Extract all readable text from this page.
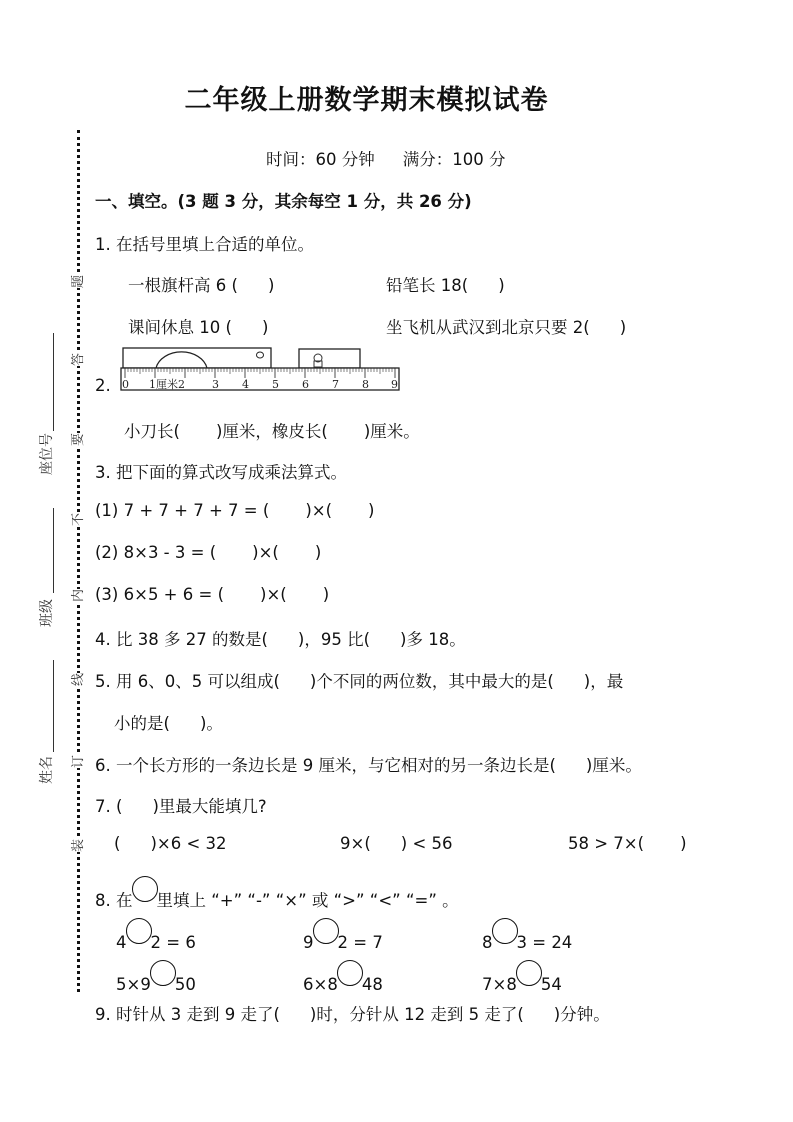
二年级上册数学期末模拟试卷
时间：60 分钟 满分：100 分
题
答
要
不
内
线
订
装
座位号
班级
姓名
一、填空。(3 题 3 分，其余每空 1 分，共 26 分)
1. 在括号里填上合适的单位。
一根旗杆高 6 ( )	铅笔长 18( )
课间休息 10 ( )	坐飞机从武汉到北京只要 2( )
2. 0 1厘米2 3 4 5 6 7 8 9
小刀长( )厘米，橡皮长( )厘米。
3. 把下面的算式改写成乘法算式。
(1) 7 + 7 + 7 + 7 = ( )×( )
(2) 8×3 - 3 = ( )×( )
(3) 6×5 + 6 = ( )×( )
4. 比 38 多 27 的数是( )，95 比( )多 18。
5. 用 6、0、5 可以组成( )个不同的两位数，其中最大的是( )，最
小的是( )。
6. 一个长方形的一条边长是 9 厘米，与它相对的另一条边长是( )厘米。
7. ( )里最大能填几?
( )×6 < 32	9×( ) < 56	58 > 7×( )
8. 在 里填上 “+” “-” “×” 或 “>” “<” “=” 。
4 2 = 6	9 2 = 7	8 3 = 24
5×9 50	6×8 48	7×8 54
9. 时针从 3 走到 9 走了( )时，分针从 12 走到 5 走了( )分钟。
